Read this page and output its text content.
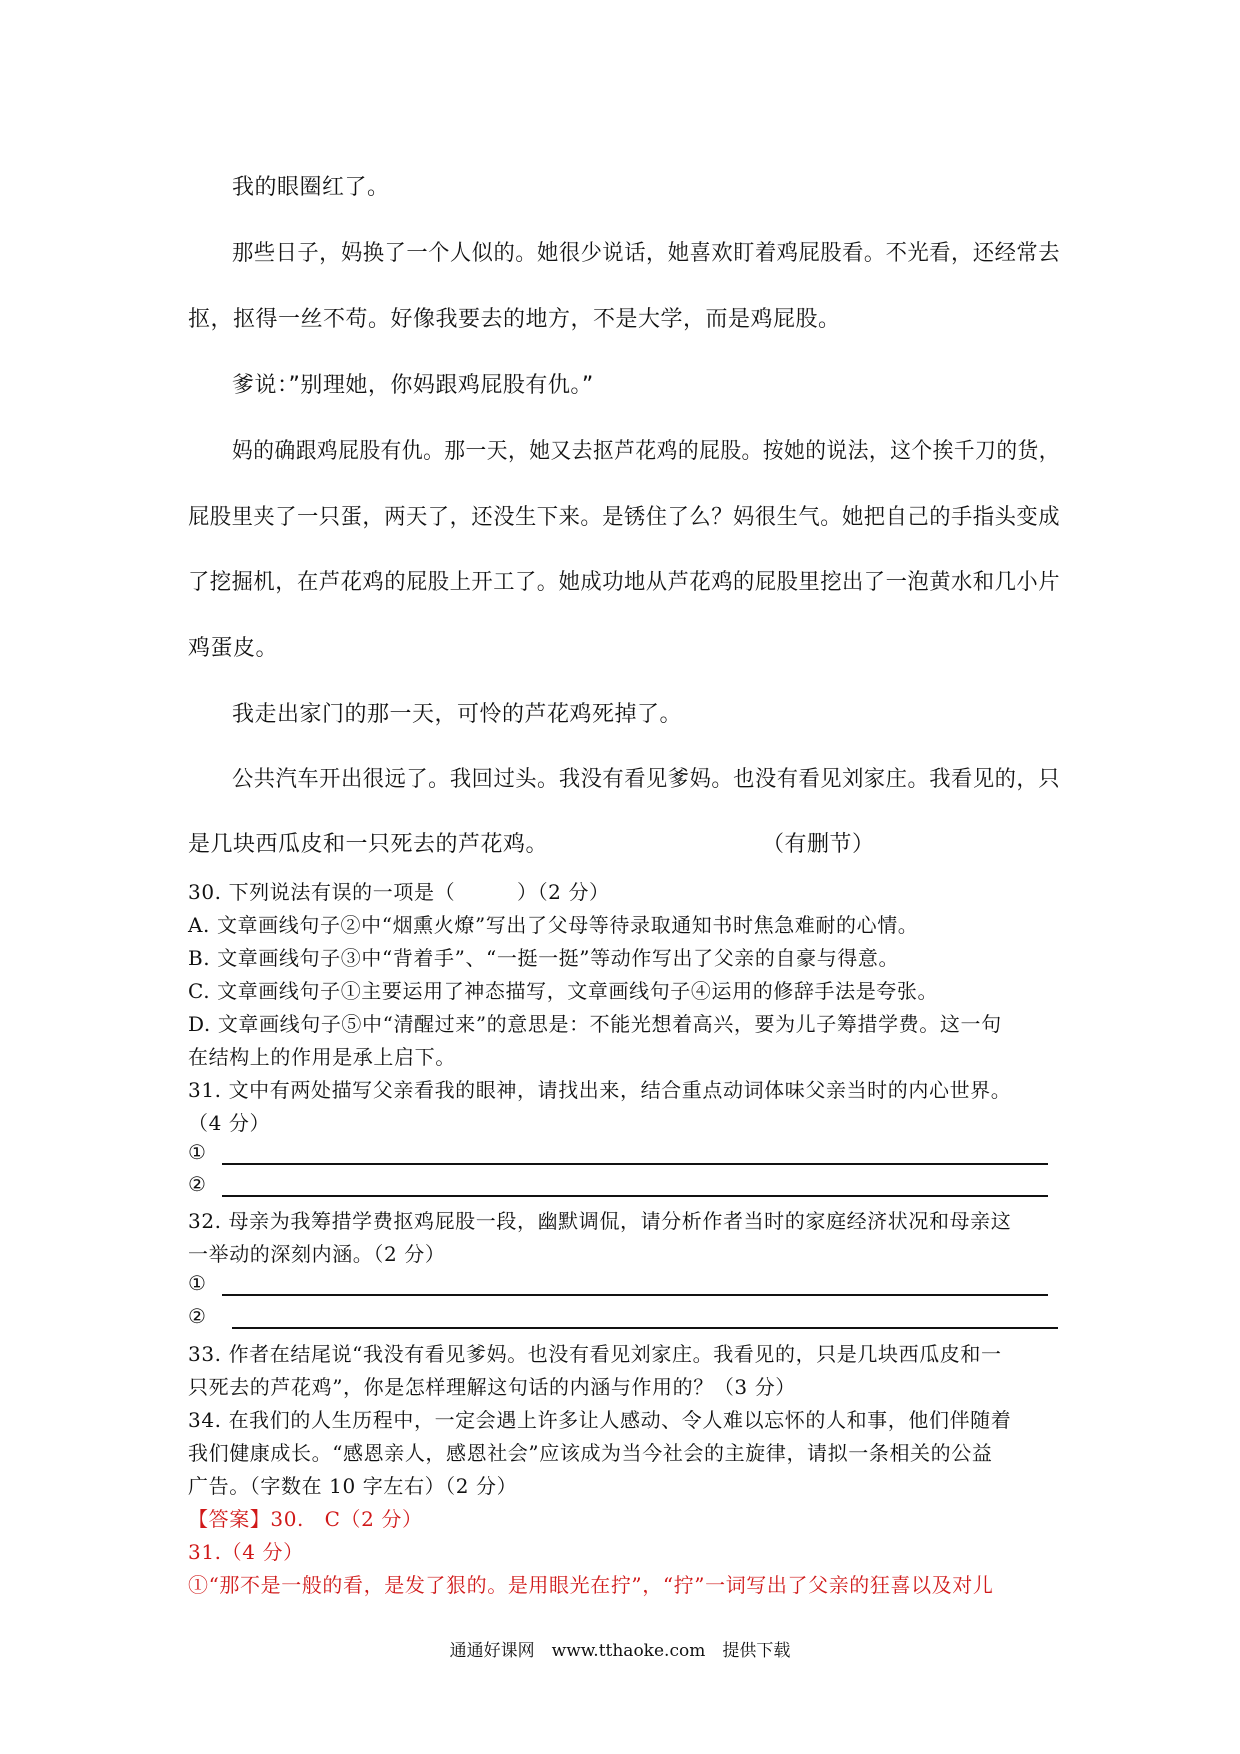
我的眼圈红了。
那些日子，妈换了一个人似的。她很少说话，她喜欢盯着鸡屁股看。不光看，还经常去
抠，抠得一丝不苟。好像我要去的地方，不是大学，而是鸡屁股。
爹说：”别理她，你妈跟鸡屁股有仇。”
妈的确跟鸡屁股有仇。那一天，她又去抠芦花鸡的屁股。按她的说法，这个挨千刀的货，
屁股里夹了一只蛋，两天了，还没生下来。是锈住了么？妈很生气。她把自己的手指头变成
了挖掘机，在芦花鸡的屁股上开工了。她成功地从芦花鸡的屁股里挖出了一泡黄水和几小片
鸡蛋皮。
我走出家门的那一天，可怜的芦花鸡死掉了。
公共汽车开出很远了。我回过头。我没有看见爹妈。也没有看见刘家庄。我看见的，只
是几块西瓜皮和一只死去的芦花鸡。	（有删节）
30. 下列说法有误的一项是（　　　）（2 分）
A. 文章画线句子②中“烟熏火燎”写出了父母等待录取通知书时焦急难耐的心情。
B. 文章画线句子③中“背着手”、“一挺一挺”等动作写出了父亲的自豪与得意。
C. 文章画线句子①主要运用了神态描写，文章画线句子④运用的修辞手法是夸张。
D. 文章画线句子⑤中“清醒过来”的意思是：不能光想着高兴，要为儿子筹措学费。这一句
在结构上的作用是承上启下。
31. 文中有两处描写父亲看我的眼神，请找出来，结合重点动词体味父亲当时的内心世界。
（4 分）
①
②
32. 母亲为我筹措学费抠鸡屁股一段，幽默调侃，请分析作者当时的家庭经济状况和母亲这
一举动的深刻内涵。（2 分）
①
②
33. 作者在结尾说“我没有看见爹妈。也没有看见刘家庄。我看见的，只是几块西瓜皮和一
只死去的芦花鸡”，你是怎样理解这句话的内涵与作用的？（3 分）
34. 在我们的人生历程中，一定会遇上许多让人感动、令人难以忘怀的人和事，他们伴随着
我们健康成长。“感恩亲人，感恩社会”应该成为当今社会的主旋律，请拟一条相关的公益
广告。（字数在 10 字左右）（2 分）
【答案】30.　C（2 分）
31.（4 分）
①“那不是一般的看，是发了狠的。是用眼光在拧”，“拧”一词写出了父亲的狂喜以及对儿
通通好课网　www.tthaoke.com　提供下载
